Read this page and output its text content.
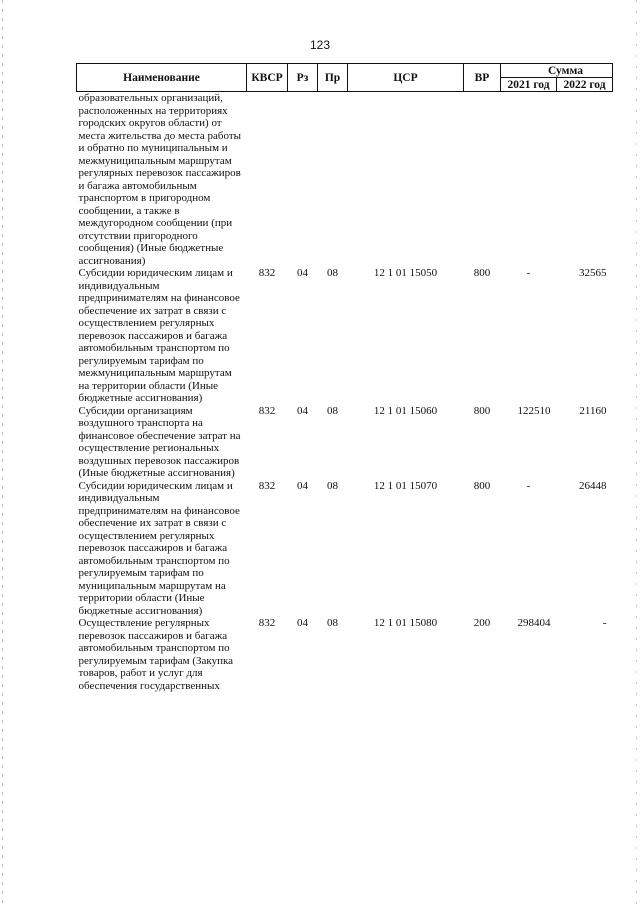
123
Наименование	КВСР	Рз	Пр	ЦСР	ВР	Сумма	
						2021 год	2022 год
образовательных организаций, расположенных на территориях городских округов области) от места жительства до места работы и обратно по муниципальным и межмуниципальным маршрутам регулярных перевозок пассажиров и багажа автомобильным транспортом в пригородном сообщении, а также в междугородном сообщении (при отсутствии пригородного сообщения) (Иные бюджетные ассигнования)							
Субсидии юридическим лицам и индивидуальным предпринимателям на финансовое обеспечение их затрат в связи с осуществлением регулярных перевозок пассажиров и багажа автомобильным транспортом по регулируемым тарифам по межмуниципальным маршрутам на территории области (Иные бюджетные ассигнования)	832	04	08	12 1 01 15050	800	-	32565
Субсидии организациям воздушного транспорта на финансовое обеспечение затрат на осуществление региональных воздушных перевозок пассажиров (Иные бюджетные ассигнования)	832	04	08	12 1 01 15060	800	122510	21160
Субсидии юридическим лицам и индивидуальным предпринимателям на финансовое обеспечение их затрат в связи с осуществлением регулярных перевозок пассажиров и багажа автомобильным транспортом по регулируемым тарифам по муниципальным маршрутам на территории области (Иные бюджетные ассигнования)	832	04	08	12 1 01 15070	800	-	26448
Осуществление регулярных перевозок пассажиров и багажа автомобильным транспортом по регулируемым тарифам (Закупка товаров, работ и услуг для обеспечения государственных	832	04	08	12 1 01 15080	200	298404	-
